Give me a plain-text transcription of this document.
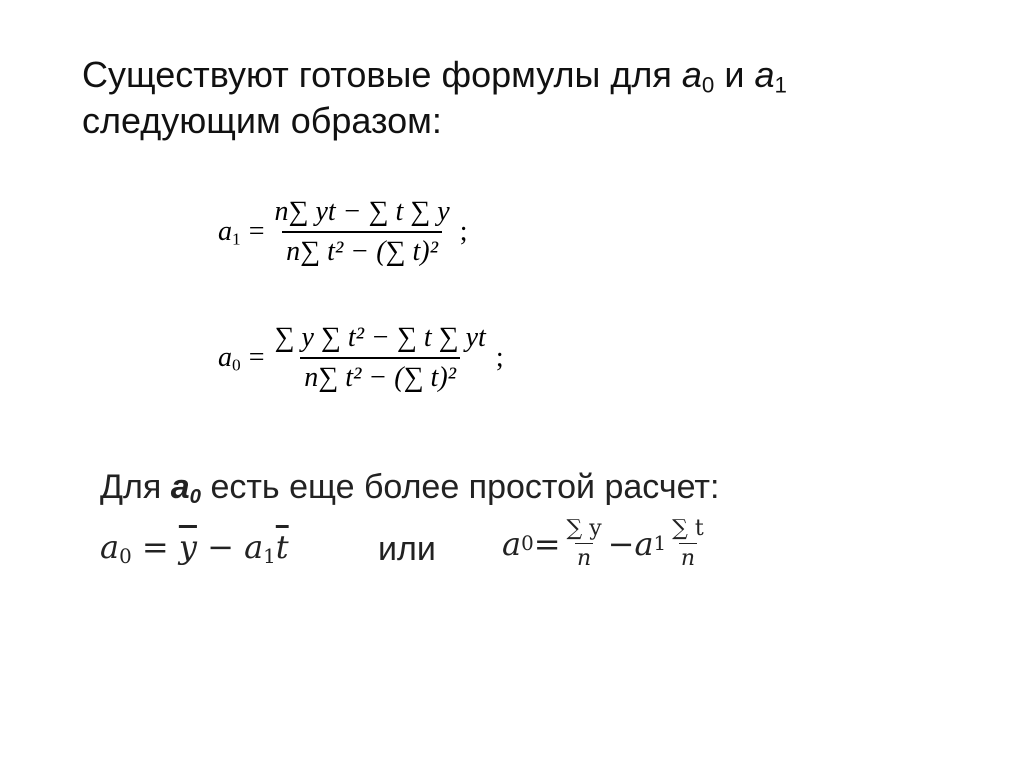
Существуют готовые формулы для $a_0$ и $a_1$
следующим образом:
$a_1 = \frac{n\sum yt - \sum t \sum y}{\text{n∑ t² − (∑ t)²}}$ ;
$a_0 = \frac{\text{∑ y ∑ t² − ∑ t ∑ yt}}{\text{n∑ t² − (∑ t)²}}$ ;
Для $a_0$ есть еще более простой расчет:
$a_0 = \overline{y} - a_1\overline{t}$	или a $0 = \frac{\sum y}{n} - a$ 1
∑ t
n
